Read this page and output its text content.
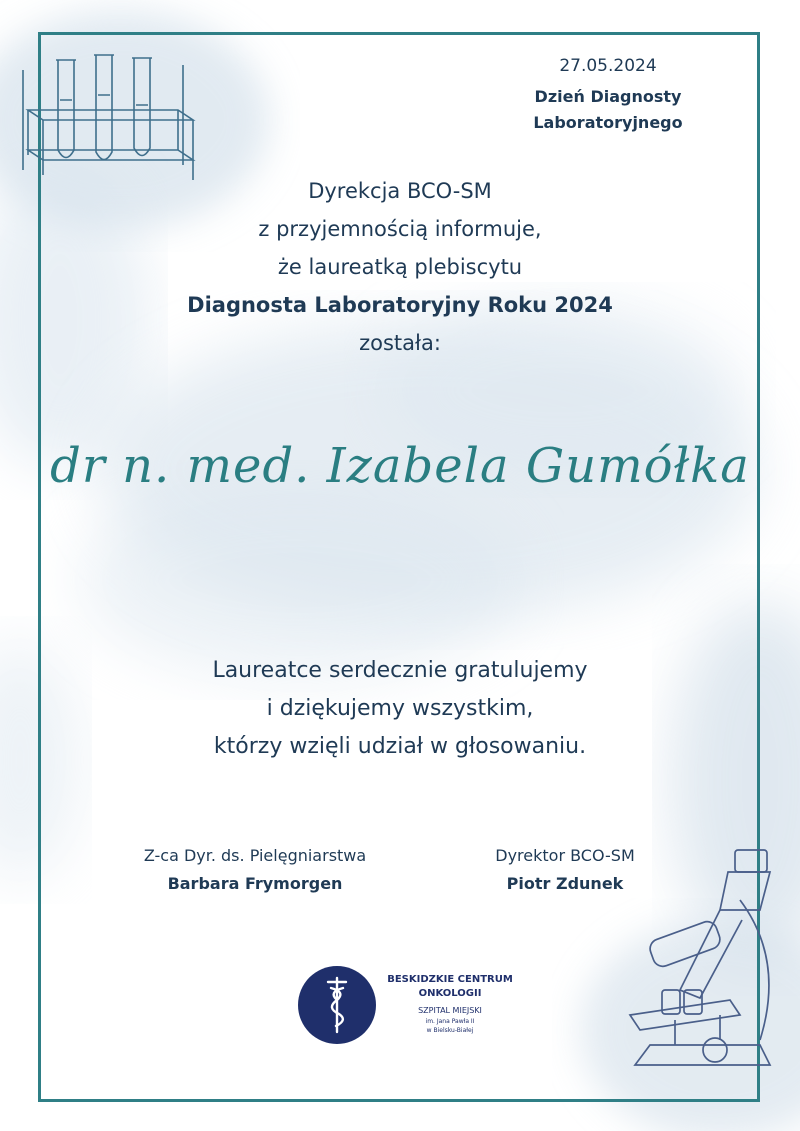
27.05.2024
Dzień Diagnosty
Laboratoryjnego
Dyrekcja BCO-SM
z przyjemnością informuje,
że laureatką plebiscytu
Diagnosta Laboratoryjny Roku 2024
została:
dr n. med. Izabela Gumółka
Laureatce serdecznie gratulujemy
i dziękujemy wszystkim,
którzy wzięli udział w głosowaniu.
Z-ca Dyr. ds. Pielęgniarstwa
Barbara Frymorgen
Dyrektor BCO-SM
Piotr Zdunek
BESKIDZKIE CENTRUM
ONKOLOGII
SZPITAL MIEJSKI
im. Jana Pawła II
w Bielsku-Białej
